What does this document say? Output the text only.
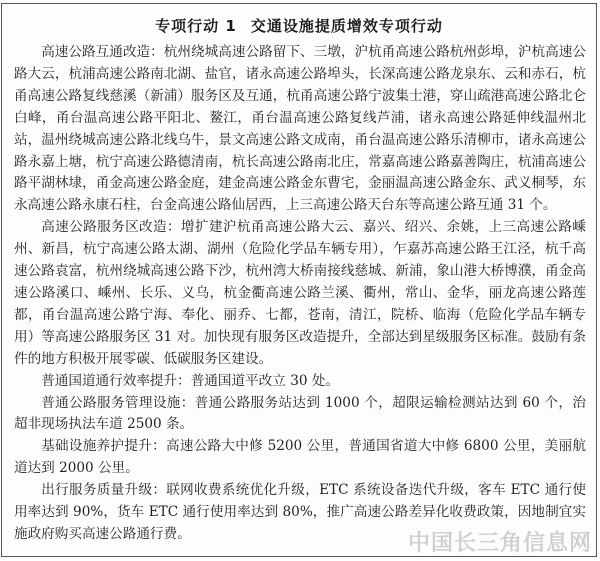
专项行动 1 交通设施提质增效专项行动

高速公路互通改造：杭州绕城高速公路留下、三墩，沪杭甬高速公路杭州彭埠，沪杭高速公路大云，杭浦高速公路南北湖、盐官，诸永高速公路埠头，长深高速公路龙泉东、云和赤石，杭甬高速公路复线慈溪（新浦）服务区及互通，杭甬高速公路宁波集士港，穿山疏港高速公路北仑白峰，甬台温高速公路平阳北、鳌江，甬台温高速公路复线芦浦，诸永高速公路延伸线温州北站，温州绕城高速公路北线乌牛，景文高速公路文成南，甬台温高速公路乐清柳市，诸永高速公路永嘉上塘，杭宁高速公路德清南，杭长高速公路南北庄，常嘉高速公路嘉善陶庄，杭浦高速公路平湖林埭，甬金高速公路金庭，建金高速公路金东曹宅，金丽温高速公路金东、武义桐琴，东永高速公路永康石柱，台金高速公路仙居西，上三高速公路天台东等高速公路互通 31 个。

高速公路服务区改造：增扩建沪杭甬高速公路大云、嘉兴、绍兴、余姚，上三高速公路嵊州、新昌，杭宁高速公路太湖、湖州（危险化学品车辆专用），乍嘉苏高速公路王江泾，杭千高速公路袁富，杭州绕城高速公路下沙，杭州湾大桥南接线慈城、新浦，象山港大桥博濮，甬金高速公路溪口、嵊州、长乐、义乌，杭金衢高速公路兰溪、衢州，常山、金华，丽龙高速公路莲都，甬台温高速公路宁海、奉化、丽乔、七都，苍南，清江，院桥、临海（危险化学品车辆专用）等高速公路服务区 31 对。加快现有服务区改造提升，全部达到星级服务区标准。鼓励有条件的地方积极开展零碳、低碳服务区建设。

普通国道通行效率提升：普通国道平改立 30 处。

普通公路服务管理设施：普通公路服务站达到 1000 个，超限运输检测站达到 60 个，治超非现场执法车道 2500 条。

基础设施养护提升：高速公路大中修 5200 公里，普通国省道大中修 6800 公里，美丽航道达到 2000 公里。

出行服务质量升级：联网收费系统优化升级，ETC 系统设备迭代升级，客车 ETC 通行使用率达到 90%，货车 ETC 通行使用率达到 80%，推广高速公路差异化收费政策，因地制宜实施政府购买高速公路通行费。	中国长三角信息网
